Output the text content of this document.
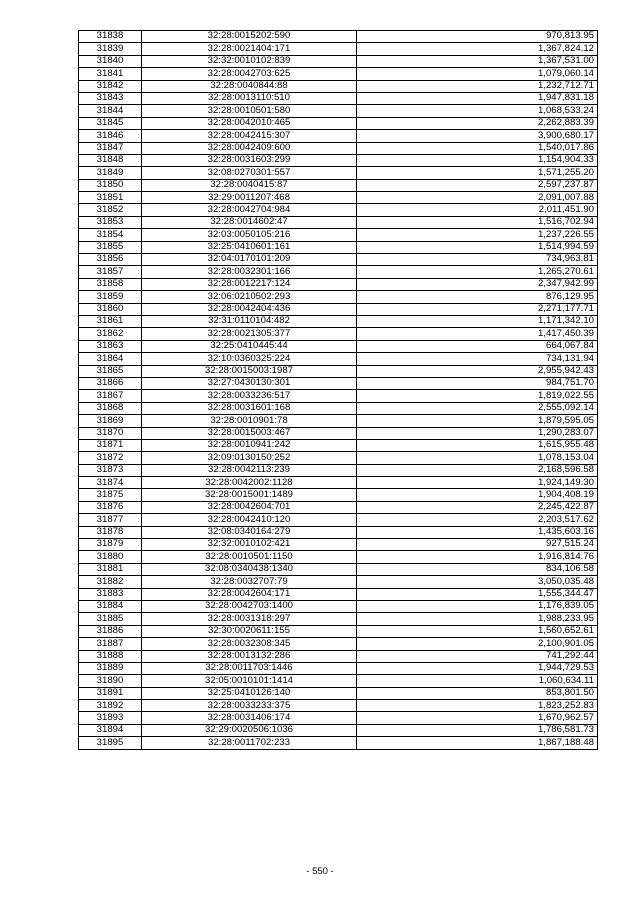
31838	32:28:0015202:590	970,813.95
31839	32:28:0021404:171	1,367,824.12
31840	32:32:0010102:839	1,367,531.00
31841	32:28:0042703:625	1,079,060.14
31842	32:28:0040844:88	1,232,712.71
31843	32:28:0013110:510	1,947,831.18
31844	32:28:0010501:580	1,068,533.24
31845	32:28:0042010:465	2,262,883.39
31846	32:28:0042415:307	3,900,680.17
31847	32:28:0042409:600	1,540,017.86
31848	32:28:0031603:299	1,154,904.33
31849	32:08:0270301:557	1,571,255.20
31850	32:28:0040415:87	2,597,237.87
31851	32:29:0011207:468	2,091,007.88
31852	32:28:0042704:984	2,011,451.90
31853	32:28:0014602:47	1,516,702.94
31854	32:03:0050105:216	1,237,226.55
31855	32:25:0410601:161	1,514,994.59
31856	32:04:0170101:209	734,963.81
31857	32:28:0032301:166	1,265,270.61
31858	32:28:0012217:124	2,347,942.99
31859	32:06:0210502:293	876,129.95
31860	32:28:0042404:436	2,271,177.71
31861	32:31:0110104:482	1,171,342.10
31862	32:28:0021305:377	1,417,450.39
31863	32:25:0410445:44	664,067.84
31864	32:10:0360325:224	734,131.94
31865	32:28:0015003:1987	2,955,942.43
31866	32:27:0430130:301	984,751.70
31867	32:28:0033236:517	1,819,022.55
31868	32:28:0031601:168	2,555,092.14
31869	32:28:0010901:78	1,879,595.05
31870	32:28:0015003:467	1,290,283.07
31871	32:28:0010941:242	1,615,955.48
31872	32:09:0130150:252	1,078,153.04
31873	32:28:0042113:239	2,168,596.58
31874	32:28:0042002:1128	1,924,149.30
31875	32:28:0015001:1489	1,904,408.19
31876	32:28:0042604:701	2,245,422.87
31877	32:28:0042410:120	2,203,517.62
31878	32:08:0340164:279	1,435,603.16
31879	32:32:0010102:421	927,515.24
31880	32:28:0010501:1150	1,916,814.76
31881	32:08:0340438:1340	834,106.58
31882	32:28:0032707:79	3,050,035.48
31883	32:28:0042604:171	1,555,344.47
31884	32:28:0042703:1400	1,176,839.05
31885	32:28:0031318:297	1,988,233.95
31886	32:30:0020611:155	1,560,652.61
31887	32:28:0032308:345	2,100,901.05
31888	32:28:0013132:286	741,292.44
31889	32:28:0011703:1446	1,944,729.53
31890	32:05:0010101:1414	1,060,634.11
31891	32:25:0410126:140	853,801.50
31892	32:28:0033233:375	1,823,252.83
31893	32:28:0031406:174	1,670,962.57
31894	32:29:0020506:1036	1,786,581.73
31895	32:28:0011702:233	1,867,188.48
- 550 -
